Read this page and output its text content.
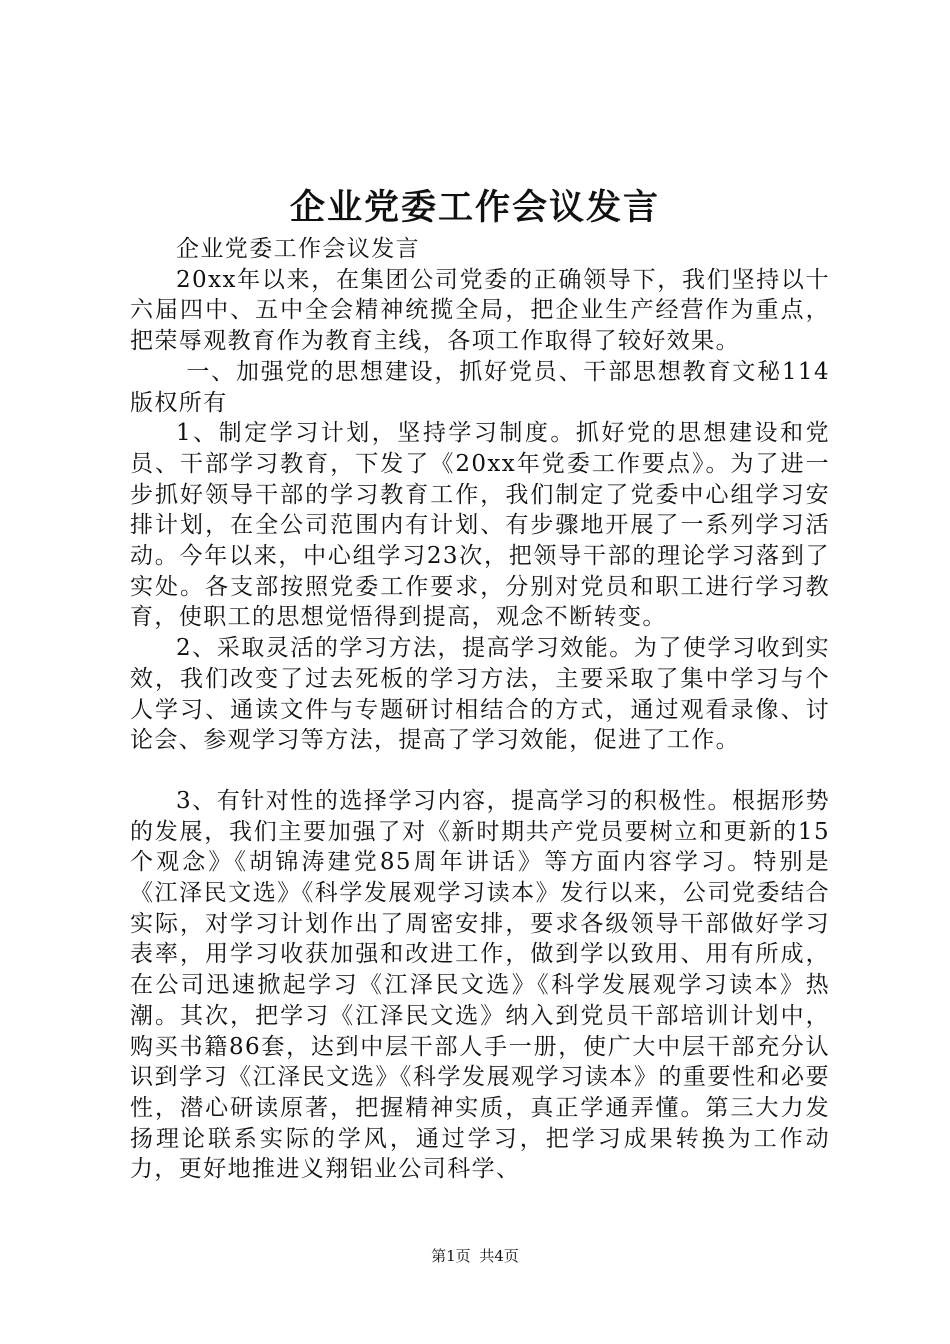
企业党委工作会议发言

企业党委工作会议发言

20xx年以来，在集团公司党委的正确领导下，我们坚持以十六届四中、五中全会精神统揽全局，把企业生产经营作为重点，把荣辱观教育作为教育主线，各项工作取得了较好效果。

一、加强党的思想建设，抓好党员、干部思想教育文秘114版权所有

1、制定学习计划，坚持学习制度。抓好党的思想建设和党员、干部学习教育，下发了《20xx年党委工作要点》。为了进一步抓好领导干部的学习教育工作，我们制定了党委中心组学习安排计划，在全公司范围内有计划、有步骤地开展了一系列学习活动。今年以来，中心组学习23次，把领导干部的理论学习落到了实处。各支部按照党委工作要求，分别对党员和职工进行学习教育，使职工的思想觉悟得到提高，观念不断转变。

2、采取灵活的学习方法，提高学习效能。为了使学习收到实效，我们改变了过去死板的学习方法，主要采取了集中学习与个人学习、通读文件与专题研讨相结合的方式，通过观看录像、讨论会、参观学习等方法，提高了学习效能，促进了工作。

3、有针对性的选择学习内容，提高学习的积极性。根据形势的发展，我们主要加强了对《新时期共产党员要树立和更新的15个观念》《胡锦涛建党85周年讲话》等方面内容学习。特别是《江泽民文选》《科学发展观学习读本》发行以来，公司党委结合实际，对学习计划作出了周密安排，要求各级领导干部做好学习表率，用学习收获加强和改进工作，做到学以致用、用有所成，在公司迅速掀起学习《江泽民文选》《科学发展观学习读本》热潮。其次，把学习《江泽民文选》纳入到党员干部培训计划中，购买书籍86套，达到中层干部人手一册，使广大中层干部充分认识到学习《江泽民文选》《科学发展观学习读本》的重要性和必要性，潜心研读原著，把握精神实质，真正学通弄懂。第三大力发扬理论联系实际的学风，通过学习，把学习成果转换为工作动力，更好地推进义翔铝业公司科学、

第1页 共4页
